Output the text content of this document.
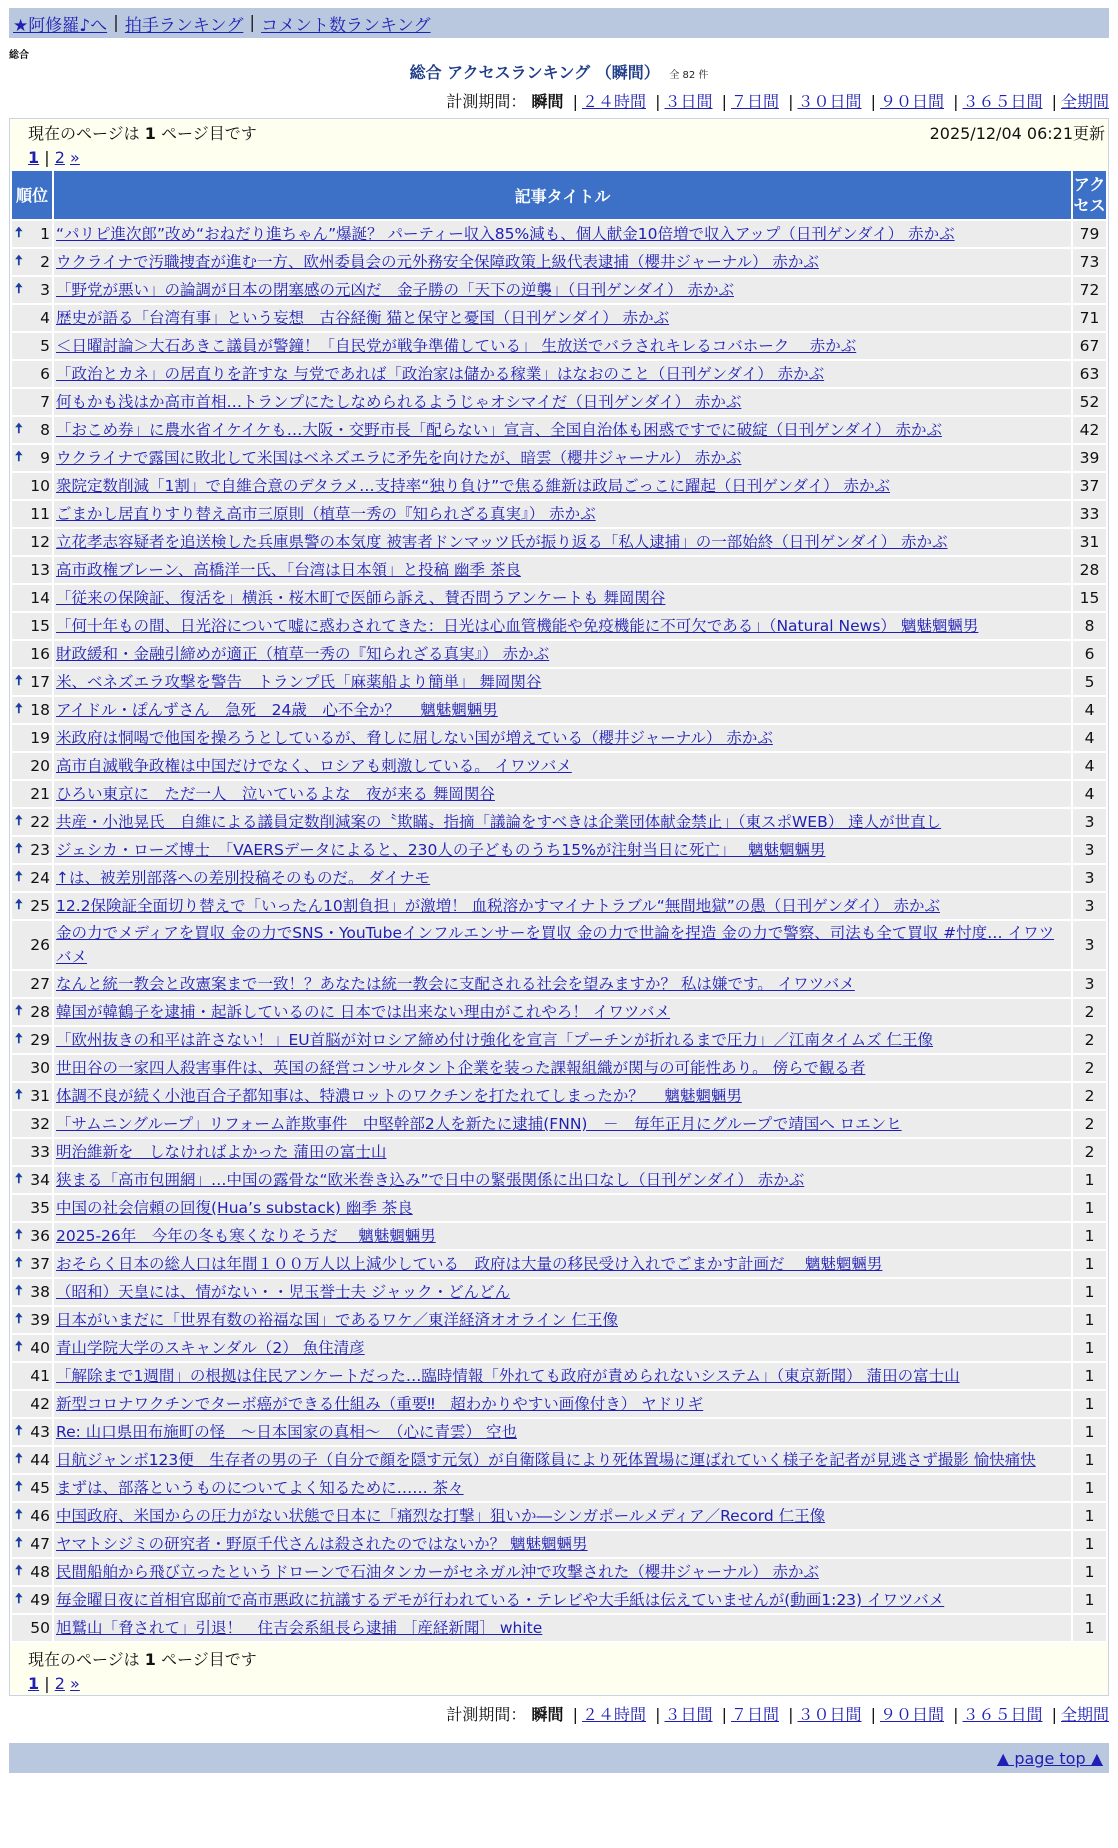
★阿修羅♪へ | 拍手ランキング | コメント数ランキング
総合
総合 アクセスランキング （瞬間） 全 82 件
計測期間： 瞬間 | ２４時間 | ３日間 | ７日間 | ３０日間 | ９０日間 | ３６５日間 | 全期間
現在のページは 1 ページ目です	2025/12/04 06:21更新
1 | 2 »
順位	記事タイトル	アクセス

🠅 1	“パリピ進次郎”改め“おねだり進ちゃん”爆誕？ パーティー収入85%減も、個人献金10倍増で収入アップ（日刊ゲンダイ） 赤かぶ	79

🠅 2	ウクライナで汚職捜査が進む一方、欧州委員会の元外務安全保障政策上級代表逮捕（櫻井ジャーナル） 赤かぶ	73

🠅 3	「野党が悪い」の論調が日本の閉塞感の元凶だ　金子勝の「天下の逆襲」（日刊ゲンダイ） 赤かぶ	72
4	歴史が語る「台湾有事」という妄想　古谷経衡 猫と保守と憂国（日刊ゲンダイ） 赤かぶ	71
5	＜日曜討論＞大石あきこ議員が警鐘！「自民党が戦争準備している」 生放送でバラされキレるコバホーク　 赤かぶ	67
6	「政治とカネ」の居直りを許すな 与党であれば「政治家は儲かる稼業」はなおのこと（日刊ゲンダイ） 赤かぶ	63
7	何もかも浅はか高市首相…トランプにたしなめられるようじゃオシマイだ（日刊ゲンダイ） 赤かぶ	52

🠅 8	「おこめ券」に農水省イケイケも…大阪・交野市長「配らない」宣言、全国自治体も困惑ですでに破綻（日刊ゲンダイ） 赤かぶ	42

🠅 9	ウクライナで露国に敗北して米国はベネズエラに矛先を向けたが、暗雲（櫻井ジャーナル） 赤かぶ	39
10	衆院定数削減「1割」で自維合意のデタラメ…支持率“独り負け”で焦る維新は政局ごっこに躍起（日刊ゲンダイ） 赤かぶ	37
11	ごまかし居直りすり替え高市三原則（植草一秀の『知られざる真実』） 赤かぶ	33
12	立花孝志容疑者を追送検した兵庫県警の本気度 被害者ドンマッツ氏が振り返る「私人逮捕」の一部始終（日刊ゲンダイ） 赤かぶ	31
13	高市政権ブレーン、高橋洋一氏、「台湾は日本領」と投稿 幽季 茶良	28
14	「従来の保険証、復活を」横浜・桜木町で医師ら訴え、賛否問うアンケートも 舞岡関谷	15
15	「何十年もの間、日光浴について嘘に惑わされてきた：日光は心血管機能や免疫機能に不可欠である」（Natural News） 魑魅魍魎男	8
16	財政緩和・金融引締めが適正（植草一秀の『知られざる真実』） 赤かぶ	6

🠅 17	米、ベネズエラ攻撃を警告　トランプ氏「麻薬船より簡単」 舞岡関谷	5

🠅 18	アイドル・ぽんずさん　急死　24歳　心不全か？　 魑魅魍魎男	4
19	米政府は恫喝で他国を操ろうとしているが、脅しに屈しない国が増えている（櫻井ジャーナル） 赤かぶ	4
20	高市自滅戦争政権は中国だけでなく、ロシアも刺激している。 イワツバメ	4
21	ひろい東京に　ただ一人　泣いているよな　夜が来る 舞岡関谷	4

🠅 22	共産・小池晃氏　自維による議員定数削減案の〝欺瞞〟指摘「議論をすべきは企業団体献金禁止」（東スポWEB） 達人が世直し	3

🠅 23	ジェシカ・ローズ博士　「VAERSデータによると、230人の子どものうち15%が注射当日に死亡」　 魑魅魍魎男	3

🠅 24	↑は、被差別部落への差別投稿そのものだ。 ダイナモ	3

🠅 25	12.2保険証全面切り替えで「いったん10割負担」が激増！ 血税溶かすマイナトラブル“無間地獄”の愚（日刊ゲンダイ） 赤かぶ	3
26	金の力でメディアを買収 金の力でSNS・YouTubeインフルエンサーを買収 金の力で世論を捏造 金の力で警察、司法も全て買収 #忖度… イワツバメ	3
27	なんと統一教会と改憲案まで一致！？あなたは統一教会に支配される社会を望みますか？ 私は嫌です。 イワツバメ	3

🠅 28	韓国が韓鶴子を逮捕・起訴しているのに 日本では出来ない理由がこれやろ！ イワツバメ	2

🠅 29	「欧州抜きの和平は許さない！」EU首脳が対ロシア締め付け強化を宣言「プーチンが折れるまで圧力」／江南タイムズ 仁王像	2
30	世田谷の一家四人殺害事件は、英国の経営コンサルタント企業を装った課報組織が関与の可能性あり。 傍らで観る者	2

🠅 31	体調不良が続く小池百合子都知事は、特濃ロットのワクチンを打たれてしまったか？　 魑魅魍魎男	2
32	「サムニングループ」リフォーム詐欺事件　中堅幹部2人を新たに逮捕(FNN)　－　毎年正月にグループで靖国へ ロエンヒ	2
33	明治維新を　しなければよかった 蒲田の富士山	2

🠅 34	狭まる「高市包囲網」…中国の露骨な“欧米巻き込み”で日中の緊張関係に出口なし（日刊ゲンダイ） 赤かぶ	1
35	中国の社会信頼の回復(Hua’s substack) 幽季 茶良	1

🠅 36	2025-26年　今年の冬も寒くなりそうだ　 魑魅魍魎男	1

🠅 37	おそらく日本の総人口は年間１００万人以上減少している　政府は大量の移民受け入れでごまかす計画だ　 魑魅魍魎男	1

🠅 38	（昭和）天皇には、情がない・・児玉誉士夫 ジャック・どんどん	1

🠅 39	日本がいまだに「世界有数の裕福な国」であるワケ／東洋経済オオライン 仁王像	1

🠅 40	青山学院大学のスキャンダル（2） 魚住清彦	1
41	「解除まで1週間」の根拠は住民アンケートだった…臨時情報「外れても政府が責められないシステム」（東京新聞） 蒲田の富士山	1
42	新型コロナワクチンでターボ癌ができる仕組み（重要‼　超わかりやすい画像付き） ヤドリギ	1

🠅 43	Re: 山口県田布施町の怪　～日本国家の真相～　（心に青雲） 空也	1

🠅 44	日航ジャンボ123便　生存者の男の子（自分で顔を隠す元気）が自衛隊員により死体置場に運ばれていく様子を記者が見逃さず撮影 愉快痛快	1

🠅 45	まずは、部落というものについてよく知るために…… 茶々	1

🠅 46	中国政府、米国からの圧力がない状態で日本に「痛烈な打撃」狙いか―シンガポールメディア／Record 仁王像	1

🠅 47	ヤマトシジミの研究者・野原千代さんは殺されたのではないか？ 魑魅魍魎男	1

🠅 48	民間船舶から飛び立ったというドローンで石油タンカーがセネガル沖で攻撃された（櫻井ジャーナル） 赤かぶ	1

🠅 49	毎金曜日夜に首相官邸前で高市悪政に抗議するデモが行われている・テレビや大手紙は伝えていませんが(動画1:23) イワツバメ	1
50	旭鷲山「脅されて」引退！　住吉会系組長ら逮捕 ［産経新聞］ white	1
現在のページは 1 ページ目です
1 | 2 »
計測期間： 瞬間 | ２４時間 | ３日間 | ７日間 | ３０日間 | ９０日間 | ３６５日間 | 全期間
▲ page top ▲
